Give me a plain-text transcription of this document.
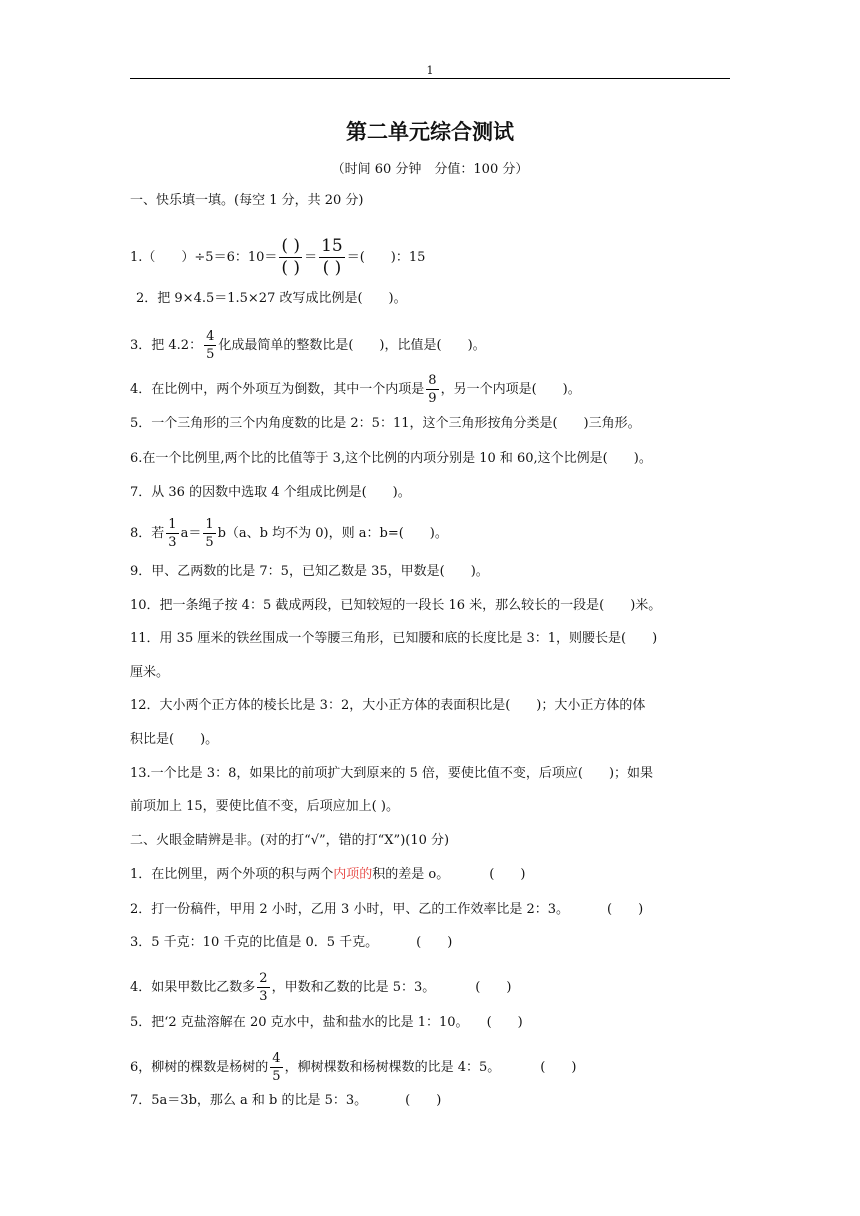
1
第二单元综合测试
（时间 60 分钟　分值：100 分）
一、快乐填一填。(每空 1 分，共 20 分)
1.（　　）÷5＝6：$10= \frac{( )}{( )} = \frac{15}{( )}$ ＝(　　)：15
2．把 9×4.5＝1.5×27 改写成比例是(　　)。
3．把 4.2： $\frac{4}{5}$ 化成最简单的整数比是(　　)，比值是(　　)。
4．在比例中，两个外项互为倒数，其中一个内项是 $\frac{8}{9}$ ，另一个内项是(　　)。
5．一个三角形的三个内角度数的比是 2：5：11，这个三角形按角分类是(　　)三角形。
6.在一个比例里,两个比的比值等于 3,这个比例的内项分别是 10 和 60,这个比例是(　　)。
7．从 36 的因数中选取 4 个组成比例是(　　)。
8．若 $\frac{1}{3} a= \frac{1}{5} b(a$、b 均不为 0)，则 a：b=(　　)。
9．甲、乙两数的比是 7：5，已知乙数是 35，甲数是(　　)。
10．把一条绳子按 4：5 截成两段，已知较短的一段长 16 米，那么较长的一段是(　　)米。
11．用 35 厘米的铁丝围成一个等腰三角形，已知腰和底的长度比是 3：1，则腰长是(　　)
厘米。
12．大小两个正方体的棱长比是 3：2，大小正方体的表面积比是(　　)；大小正方体的体
积比是(　　)。
13.一个比是 3：8，如果比的前项扩大到原来的 5 倍，要使比值不变，后项应(　　)；如果
前项加上 15，要使比值不变，后项应加上( )。
二、火眼金睛辨是非。(对的打“√”，错的打“X”)(10 分)
1．在比例里，两个外项的积与两个内项的积的差是 o。	(　　)
2．打一份稿件，甲用 2 小时，乙用 3 小时，甲、乙的工作效率比是 2：3。	(　　)
3．5 千克：10 千克的比值是 0．5 千克。	(　　)
4．如果甲数比乙数多 $\frac{2}{3}$ ，甲数和乙数的比是 5：3。	(　　)
5．把‘2 克盐溶解在 20 克水中，盐和盐水的比是 1：10。 (　　)
6，柳树的棵数是杨树的 $\frac{4}{5}$ ，柳树棵数和杨树棵数的比是 4：5。	(　　)
7．5a＝3b，那么 a 和 b 的比是 5：3。	(　　)
